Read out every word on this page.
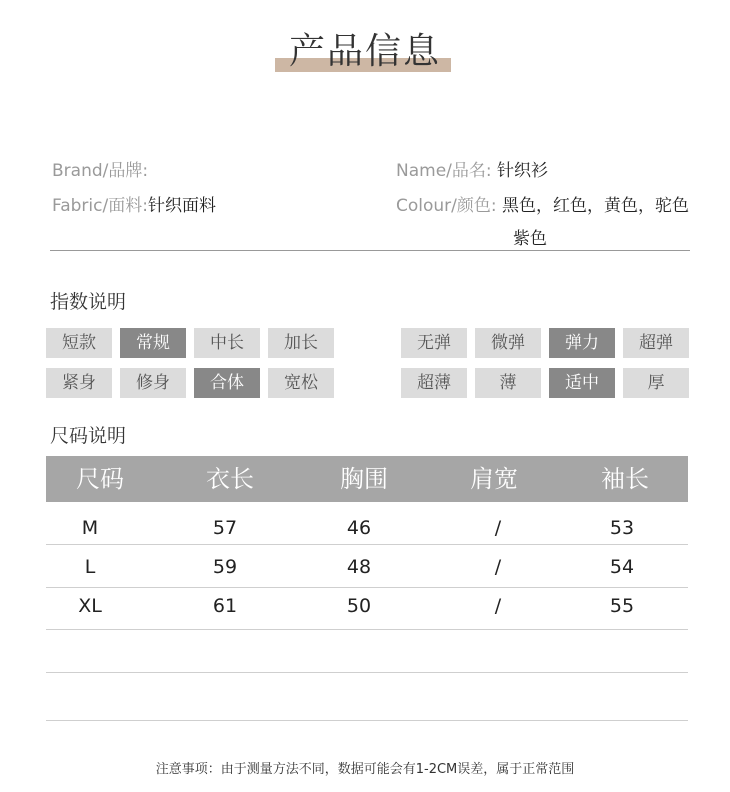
产品信息
Brand/品牌:	Name/品名: 针织衫
Fabric/面料:针织面料	Colour/颜色: 黑色，红色，黄色，驼色
紫色
指数说明
短款	常规	中长	加长
紧身	修身	合体	宽松
无弹	微弹	弹力	超弹
超薄	薄	适中	厚
尺码说明
尺码	衣长	胸围	肩宽	袖长
M	57	46	/	53
L	59	48	/	54
XL	61	50	/	55
注意事项：由于测量方法不同，数据可能会有1-2CM误差，属于正常范围
